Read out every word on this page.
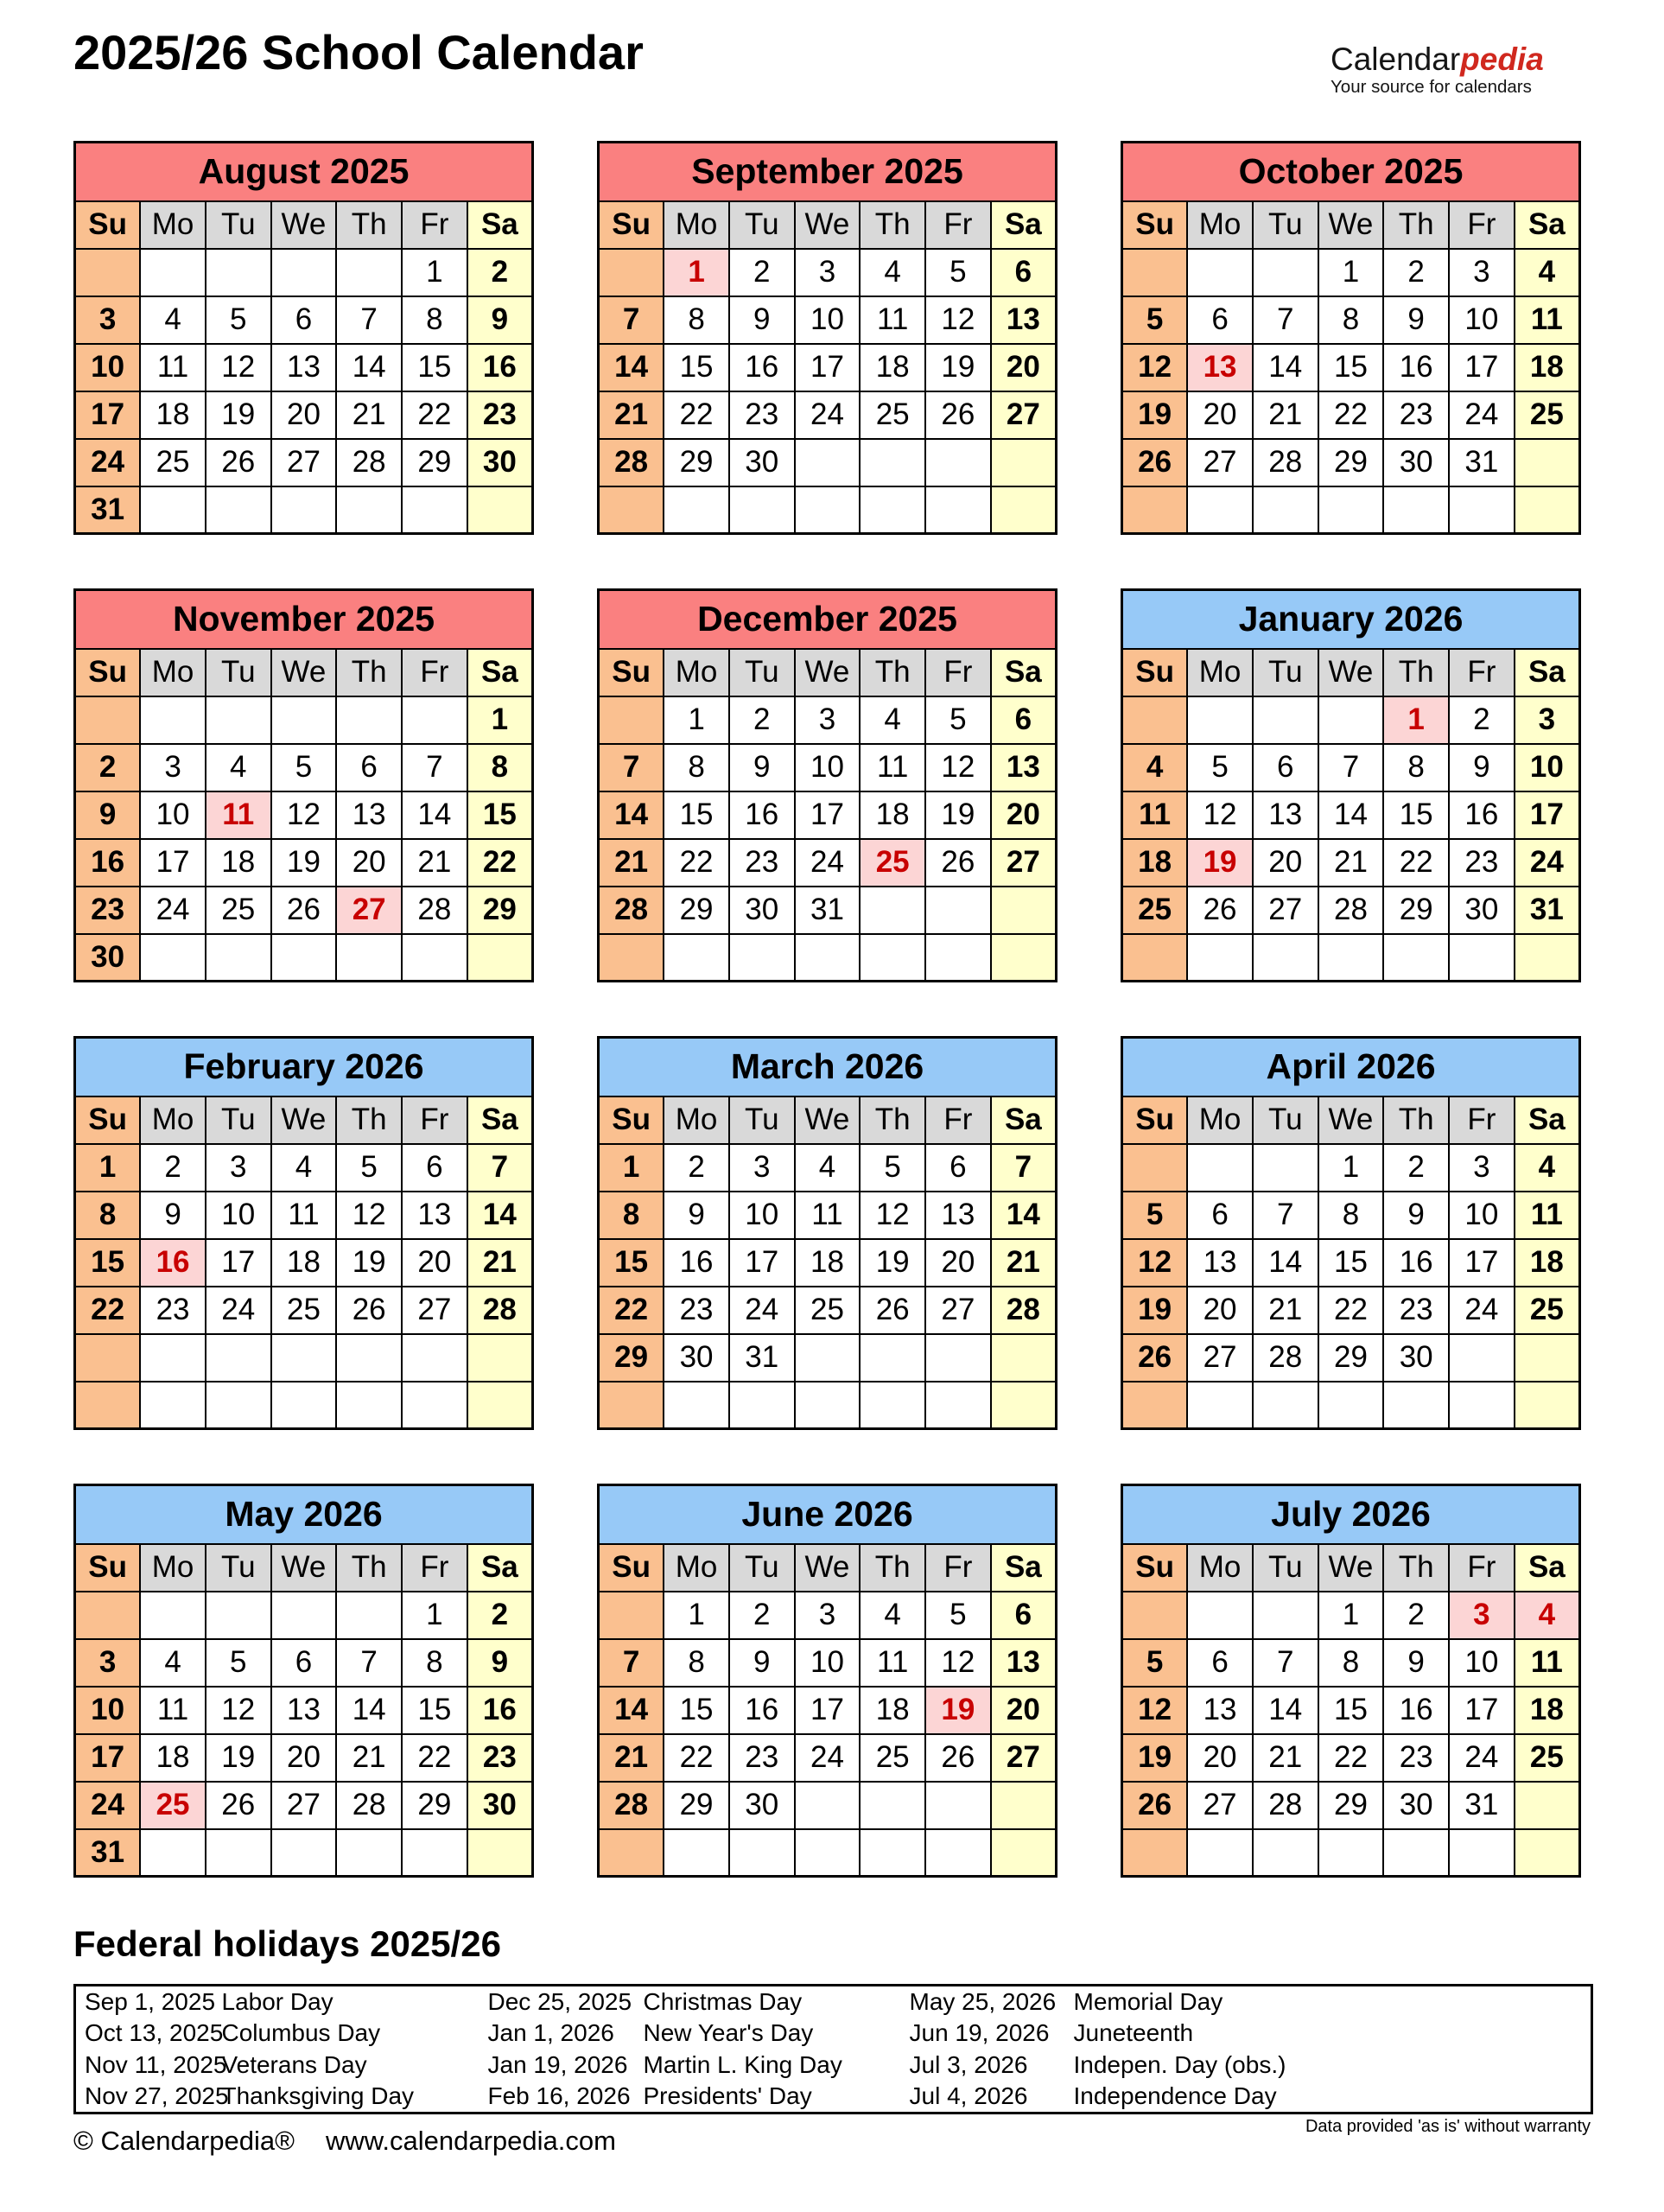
2025/26 School Calendar	Calendarpedia
Your source for calendars
August 2025						
Su	Mo	Tu	We	Th	Fr	Sa
					1	2
3	4	5	6	7	8	9
10	11	12	13	14	15	16
17	18	19	20	21	22	23
24	25	26	27	28	29	30
31						
September 2025						
Su	Mo	Tu	We	Th	Fr	Sa
	1	2	3	4	5	6
7	8	9	10	11	12	13
14	15	16	17	18	19	20
21	22	23	24	25	26	27
28	29	30				

October 2025						
Su	Mo	Tu	We	Th	Fr	Sa
			1	2	3	4
5	6	7	8	9	10	11
12	13	14	15	16	17	18
19	20	21	22	23	24	25
26	27	28	29	30	31	

November 2025						
Su	Mo	Tu	We	Th	Fr	Sa
						1
2	3	4	5	6	7	8
9	10	11	12	13	14	15
16	17	18	19	20	21	22
23	24	25	26	27	28	29
30						
December 2025						
Su	Mo	Tu	We	Th	Fr	Sa
	1	2	3	4	5	6
7	8	9	10	11	12	13
14	15	16	17	18	19	20
21	22	23	24	25	26	27
28	29	30	31			

January 2026						
Su	Mo	Tu	We	Th	Fr	Sa
				1	2	3
4	5	6	7	8	9	10
11	12	13	14	15	16	17
18	19	20	21	22	23	24
25	26	27	28	29	30	31

February 2026						
Su	Mo	Tu	We	Th	Fr	Sa
1	2	3	4	5	6	7
8	9	10	11	12	13	14
15	16	17	18	19	20	21
22	23	24	25	26	27	28

March 2026						
Su	Mo	Tu	We	Th	Fr	Sa
1	2	3	4	5	6	7
8	9	10	11	12	13	14
15	16	17	18	19	20	21
22	23	24	25	26	27	28
29	30	31				

April 2026						
Su	Mo	Tu	We	Th	Fr	Sa
			1	2	3	4
5	6	7	8	9	10	11
12	13	14	15	16	17	18
19	20	21	22	23	24	25
26	27	28	29	30		

May 2026						
Su	Mo	Tu	We	Th	Fr	Sa
					1	2
3	4	5	6	7	8	9
10	11	12	13	14	15	16
17	18	19	20	21	22	23
24	25	26	27	28	29	30
31						
June 2026						
Su	Mo	Tu	We	Th	Fr	Sa
	1	2	3	4	5	6
7	8	9	10	11	12	13
14	15	16	17	18	19	20
21	22	23	24	25	26	27
28	29	30				

July 2026						
Su	Mo	Tu	We	Th	Fr	Sa
			1	2	3	4
5	6	7	8	9	10	11
12	13	14	15	16	17	18
19	20	21	22	23	24	25
26	27	28	29	30	31	

Federal holidays 2025/26
Sep 1, 2025	Labor Day	Dec 25, 2025	Christmas Day	May 25, 2026	Memorial Day
Oct 13, 2025	Columbus Day	Jan 1, 2026	New Year's Day	Jun 19, 2026	Juneteenth
Nov 11, 2025	Veterans Day	Jan 19, 2026	Martin L. King Day	Jul 3, 2026	Indepen. Day (obs.)
Nov 27, 2025	Thanksgiving Day	Feb 16, 2026	Presidents' Day	Jul 4, 2026	Independence Day
© Calendarpedia® www.calendarpedia.com	Data provided 'as is' without warranty
